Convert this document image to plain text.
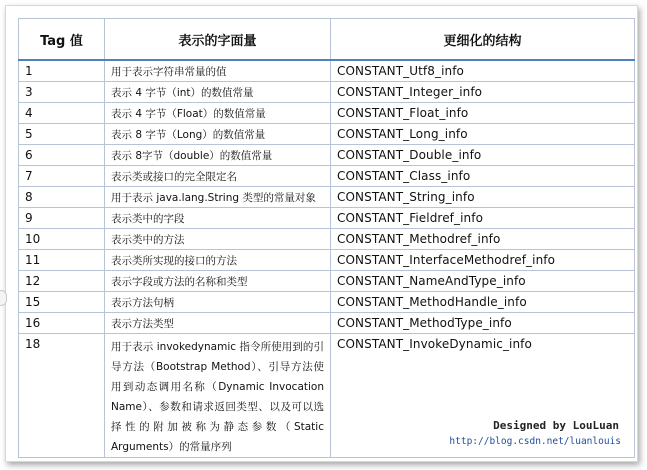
Tag 值	表示的字面量	更细化的结构
1	用于表示字符串常量的值	CONSTANT_Utf8_info
3	表示 4 字节（int）的数值常量	CONSTANT_Integer_info
4	表示 4 字节（Float）的数值常量	CONSTANT_Float_info
5	表示 8 字节（Long）的数值常量	CONSTANT_Long_info
6	表示 8字节（double）的数值常量	CONSTANT_Double_info
7	表示类或接口的完全限定名	CONSTANT_Class_info
8	用于表示 java.lang.String 类型的常量对象	CONSTANT_String_info
9	表示类中的字段	CONSTANT_Fieldref_info
10	表示类中的方法	CONSTANT_Methodref_info
11	表示类所实现的接口的方法	CONSTANT_InterfaceMethodref_info
12	表示字段或方法的名称和类型	CONSTANT_NameAndType_info
15	表示方法句柄	CONSTANT_MethodHandle_info
16	表示方法类型	CONSTANT_MethodType_info
18	用于表示 invokedynamic 指令所使用到的引导方法（Bootstrap Method）、引导方法使用到动态调用名称（Dynamic Invocation Name）、参数和请求返回类型、以及可以选择性的附加被称为静态参数（Static Arguments）的常量序列	CONSTANT_InvokeDynamic_info
Designed by LouLuan
http://blog.csdn.net/luanlouis
